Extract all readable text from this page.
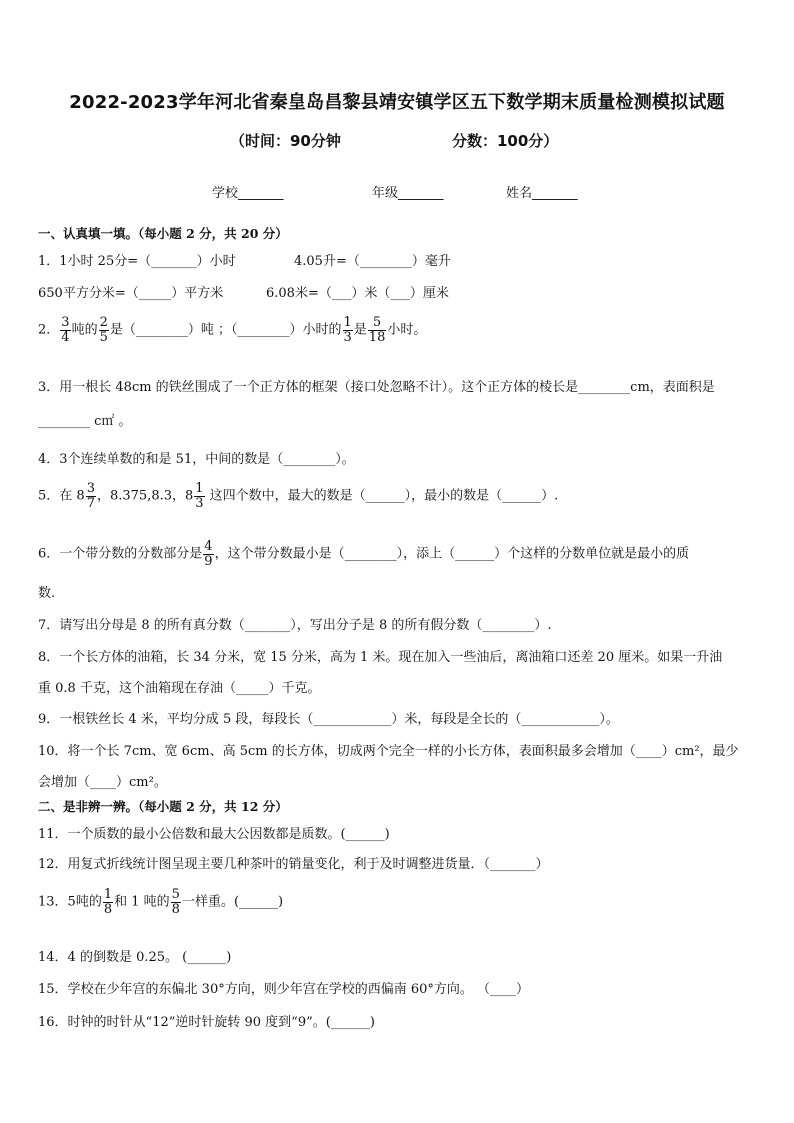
2022-2023学年河北省秦皇岛昌黎县靖安镇学区五下数学期末质量检测模拟试题
（时间：90分钟	分数：100分）
学校_______	年级_______	姓名_______
一、认真填一填。（每小题 2 分，共 20 分）
1．1小时 25分=（_______）小时	4.05升=（________）毫升
650平方分米=（_____）平方米	6.08米=（___）米（___）厘米
2． $\frac{3}{4}$ 吨的 $\frac{2}{5}$ 是（________）吨 ；（________）小时的 $\frac{1}{3}$ 是 $\frac{5}{18}$ 小时。
3．用一根长 48cm 的铁丝围成了一个正方体的框架（接口处忽略不计）。这个正方体的棱长是________cm，表面积是
________ c㎡ 。
4．3个连续单数的和是 51，中间的数是（________）。
5．在 $8 \frac{3}{7}$ ，8.375,8.3，$8 \frac{1}{3}$ 这四个数中，最大的数是（______），最小的数是（______）.
6．一个带分数的分数部分是 $\frac{4}{9}$ ，这个带分数最小是（________），添上（______）个这样的分数单位就是最小的质
数.
7．请写出分母是 8 的所有真分数（_______），写出分子是 8 的所有假分数（________）.
8．一个长方体的油箱，长 34 分米，宽 15 分米，高为 1 米。现在加入一些油后，离油箱口还差 20 厘米。如果一升油
重 0.8 千克，这个油箱现在存油（_____）千克。
9．一根铁丝长 4 米，平均分成 5 段，每段长（____________）米，每段是全长的（____________）。
10．将一个长 7cm、宽 6cm、高 5cm 的长方体，切成两个完全一样的小长方体，表面积最多会增加（____）cm²，最少
会增加（____）cm²。
二、是非辨一辨。（每小题 2 分，共 12 分）
11．一个质数的最小公倍数和最大公因数都是质数。(______)
12．用复式折线统计图呈现主要几种茶叶的销量变化，利于及时调整进货量．（_______）
13．5吨的 $\frac{1}{8}$ 和 1 吨的 $\frac{5}{8}$ 一样重。(______)
14．4 的倒数是 0.25。 (______)
15．学校在少年宫的东偏北 30°方向，则少年宫在学校的西偏南 60°方向。 （____）
16．时钟的时针从“12”逆时针旋转 90 度到“9”。(______)
